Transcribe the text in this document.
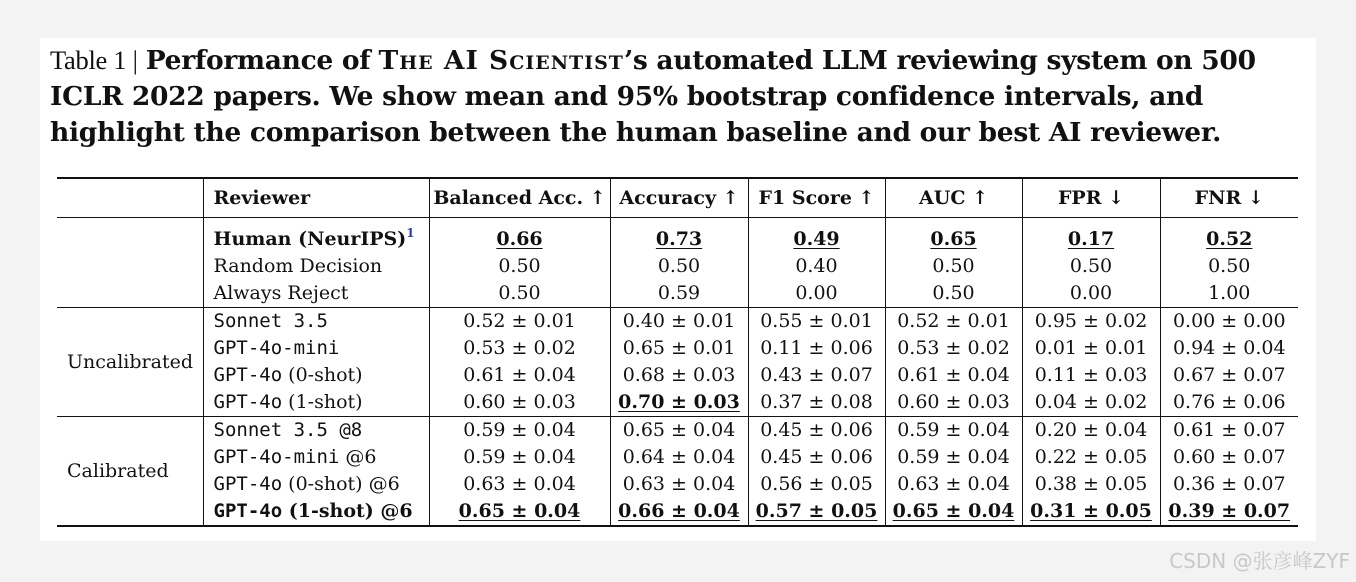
Table 1 | Performance of The AI Scientist’s automated LLM reviewing system on 500 ICLR 2022 papers. We show mean and 95% bootstrap confidence intervals, and highlight the comparison between the human baseline and our best AI reviewer.
	Reviewer	Balanced Acc. ↑	Accuracy ↑	F1 Score ↑	AUC ↑	FPR ↓	FNR ↓
	Human (NeurIPS)$^1$	0.66	0.73	0.49	0.65	0.17	0.52
	Random Decision	0.50	0.50	0.40	0.50	0.50	0.50
	Always Reject	0.50	0.59	0.00	0.50	0.00	1.00
Uncalibrated	Sonnet 3.5	0.52 ± 0.01	0.40 ± 0.01	0.55 ± 0.01	0.52 ± 0.01	0.95 ± 0.02	0.00 ± 0.00
	GPT-4o-mini	0.53 ± 0.02	0.65 ± 0.01	0.11 ± 0.06	0.53 ± 0.02	0.01 ± 0.01	0.94 ± 0.04
	GPT-4o (0-shot)	0.61 ± 0.04	0.68 ± 0.03	0.43 ± 0.07	0.61 ± 0.04	0.11 ± 0.03	0.67 ± 0.07
	GPT-4o (1-shot)	0.60 ± 0.03	0.70 ± 0.03	0.37 ± 0.08	0.60 ± 0.03	0.04 ± 0.02	0.76 ± 0.06
Calibrated	Sonnet 3.5 @8	0.59 ± 0.04	0.65 ± 0.04	0.45 ± 0.06	0.59 ± 0.04	0.20 ± 0.04	0.61 ± 0.07
	GPT-4o-mini @6	0.59 ± 0.04	0.64 ± 0.04	0.45 ± 0.06	0.59 ± 0.04	0.22 ± 0.05	0.60 ± 0.07
	GPT-4o (0-shot) @6	0.63 ± 0.04	0.63 ± 0.04	0.56 ± 0.05	0.63 ± 0.04	0.38 ± 0.05	0.36 ± 0.07
	GPT-4o (1-shot) @6	0.65 ± 0.04	0.66 ± 0.04	0.57 ± 0.05	0.65 ± 0.04	0.31 ± 0.05	0.39 ± 0.07
CSDN @张彦峰ZYF
